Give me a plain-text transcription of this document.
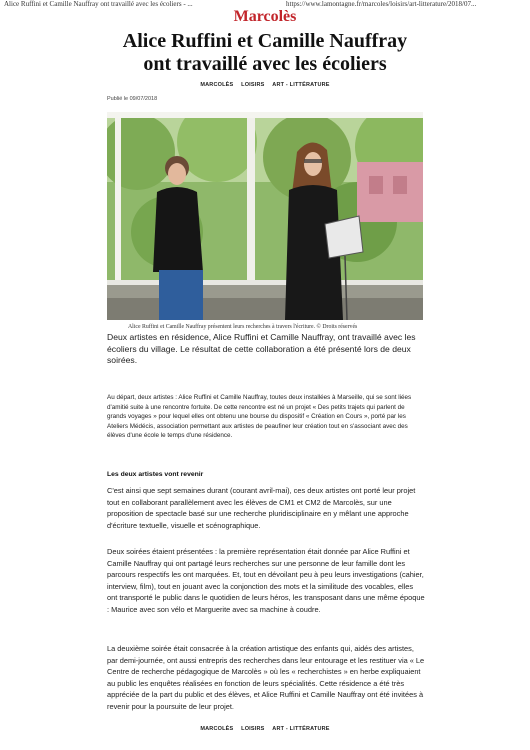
Alice Ruffini et Camille Nauffray ont travaillé avec les écoliers - ...	https://www.lamontagne.fr/marcoles/loisirs/art-litterature/2018/07...
Marcolès
Alice Ruffini et Camille Nauffray
ont travaillé avec les écoliers
MARCOLÈS LOISIRS ART - LITTÉRATURE
Publié le 09/07/2018
Alice Ruffini et Camille Nauffray présentent leurs recherches à travers l'écriture. © Droits réservés
Deux artistes en résidence, Alice Ruffini et Camille Nauffray, ont travaillé avec les écoliers du village. Le résultat de cette collaboration a été présenté lors de deux soirées.
Au départ, deux artistes : Alice Ruffini et Camille Nauffray, toutes deux installées à Marseille, qui se sont liées d'amitié suite à une rencontre fortuite. De cette rencontre est né un projet « Des petits trajets qui parlent de grands voyages » pour lequel elles ont obtenu une bourse du dispositif « Création en Cours », porté par les Ateliers Médécis, association permettant aux artistes de peaufiner leur création tout en s'associant avec des élèves d'une école le temps d'une résidence.
Les deux artistes vont revenir
C'est ainsi que sept semaines durant (courant avril-mai), ces deux artistes ont porté leur projet tout en collaborant parallèlement avec les élèves de CM1 et CM2 de Marcolès, sur une proposition de spectacle basé sur une recherche pluridisciplinaire en y mêlant une approche d'écriture textuelle, visuelle et scénographique.
Deux soirées étaient présentées : la première représentation était donnée par Alice Ruffini et Camille Nauffray qui ont partagé leurs recherches sur une personne de leur famille dont les parcours respectifs les ont marquées. Et, tout en dévoilant peu à peu leurs investigations (cahier, interview, film), tout en jouant avec la conjonction des mots et la similitude des vocables, elles ont transporté le public dans le quotidien de leurs héros, les transposant dans une même époque : Maurice avec son vélo et Marguerite avec sa machine à coudre.
La deuxième soirée était consacrée à la création artistique des enfants qui, aidés des artistes, par demi-journée, ont aussi entrepris des recherches dans leur entourage et les restituer via « Le Centre de recherche pédagogique de Marcolès » où les « recherchistes » en herbe expliquaient au public les enquêtes réalisées en fonction de leurs spécialités. Cette résidence a été très appréciée de la part du public et des élèves, et Alice Ruffini et Camille Nauffray ont été invitées à revenir pour la poursuite de leur projet.
MARCOLÈS LOISIRS ART - LITTÉRATURE
